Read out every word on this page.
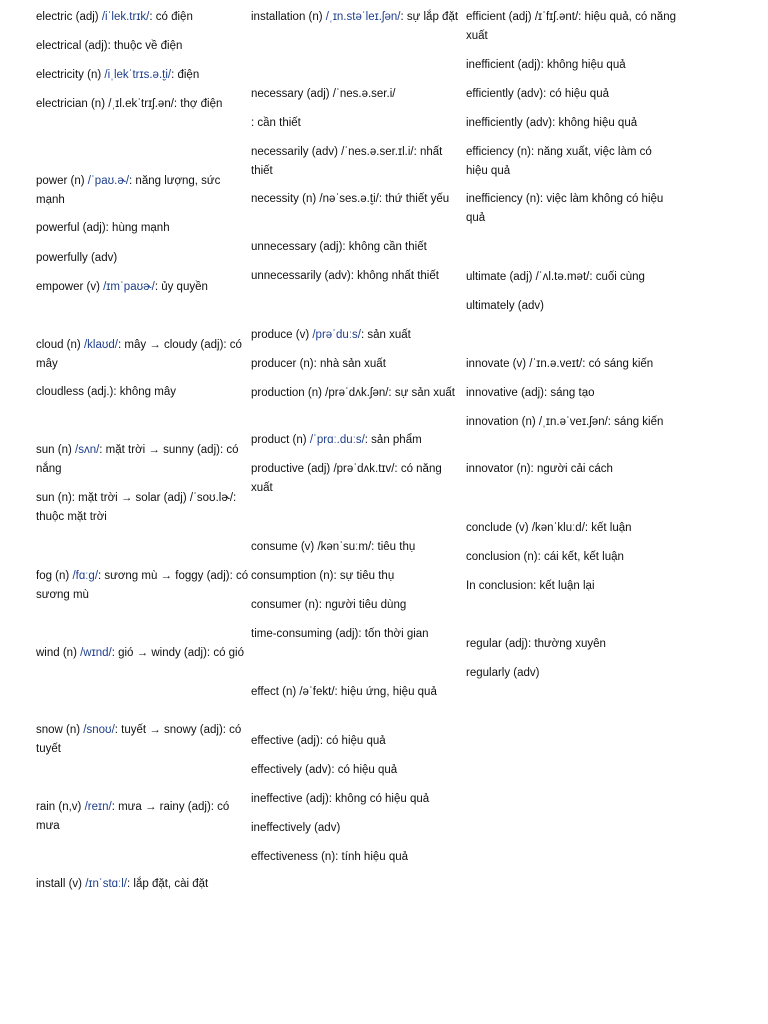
electric (adj) /iˈlek.trɪk/: có điện
electrical (adj): thuộc về điện
electricity (n) /iˌlekˈtrɪs.ə.t̬i/: điện
electrician (n) /ˌɪl.ekˈtrɪʃ.ən/: thợ điện
power (n) /ˈpaʊ.ɚ/: năng lượng, sức mạnh
powerful (adj): hùng mạnh
powerfully (adv)
empower (v) /ɪmˈpaʊɚ/: ủy quyền
cloud (n) /klaʊd/: mây → cloudy (adj): có mây
cloudless (adj.): không mây
sun (n) /sʌn/: mặt trời → sunny (adj): có nắng
sun (n): mặt trời → solar (adj) /ˈsoʊ.lɚ/: thuộc mặt trời
fog (n) /fɑːɡ/: sương mù → foggy (adj): có sương mù
wind (n) /wɪnd/: gió → windy (adj): có gió
snow (n) /snoʊ/: tuyết → snowy (adj): có tuyết
rain (n,v) /reɪn/: mưa → rainy (adj): có mưa
install (v) /ɪnˈstɑːl/: lắp đặt, cài đặt
installation (n) /ˌɪn.stəˈleɪ.ʃən/: sự lắp đặt
necessary (adj) /ˈnes.ə.ser.i/
: cần thiết
necessarily (adv) /ˈnes.ə.ser.ɪl.i/: nhất thiết
necessity (n) /nəˈses.ə.t̬i/: thứ thiết yếu
unnecessary (adj): không cần thiết
unnecessarily (adv): không nhất thiết
produce (v) /prəˈduːs/: sản xuất
producer (n): nhà sản xuất
production (n) /prəˈdʌk.ʃən/: sự sản xuất
product (n) /ˈprɑː.duːs/: sản phẩm
productive (adj) /prəˈdʌk.tɪv/: có năng xuất
consume (v) /kənˈsuːm/: tiêu thụ
consumption (n): sự tiêu thụ
consumer (n): người tiêu dùng
time-consuming (adj): tốn thời gian
effect (n) /əˈfekt/: hiệu ứng, hiệu quả
effective (adj): có hiệu quả
effectively (adv): có hiệu quả
ineffective (adj): không có hiệu quả
ineffectively (adv)
effectiveness (n): tính hiệu quả
efficient (adj) /ɪˈfɪʃ.ənt/: hiệu quả, có năng xuất
inefficient (adj): không hiệu quả
efficiently (adv): có hiệu quả
inefficiently (adv): không hiệu quả
efficiency (n): năng xuất, việc làm có hiệu quả
inefficiency (n): việc làm không có hiệu quả
ultimate (adj) /ˈʌl.tə.mət/: cuối cùng
ultimately (adv)
innovate (v) /ˈɪn.ə.veɪt/: có sáng kiến
innovative (adj): sáng tạo
innovation (n) /ˌɪn.əˈveɪ.ʃən/: sáng kiến
innovator (n): người cải cách
conclude (v) /kənˈkluːd/: kết luận
conclusion (n): cái kết, kết luận
In conclusion: kết luận lại
regular (adj): thường xuyên
regularly (adv)
